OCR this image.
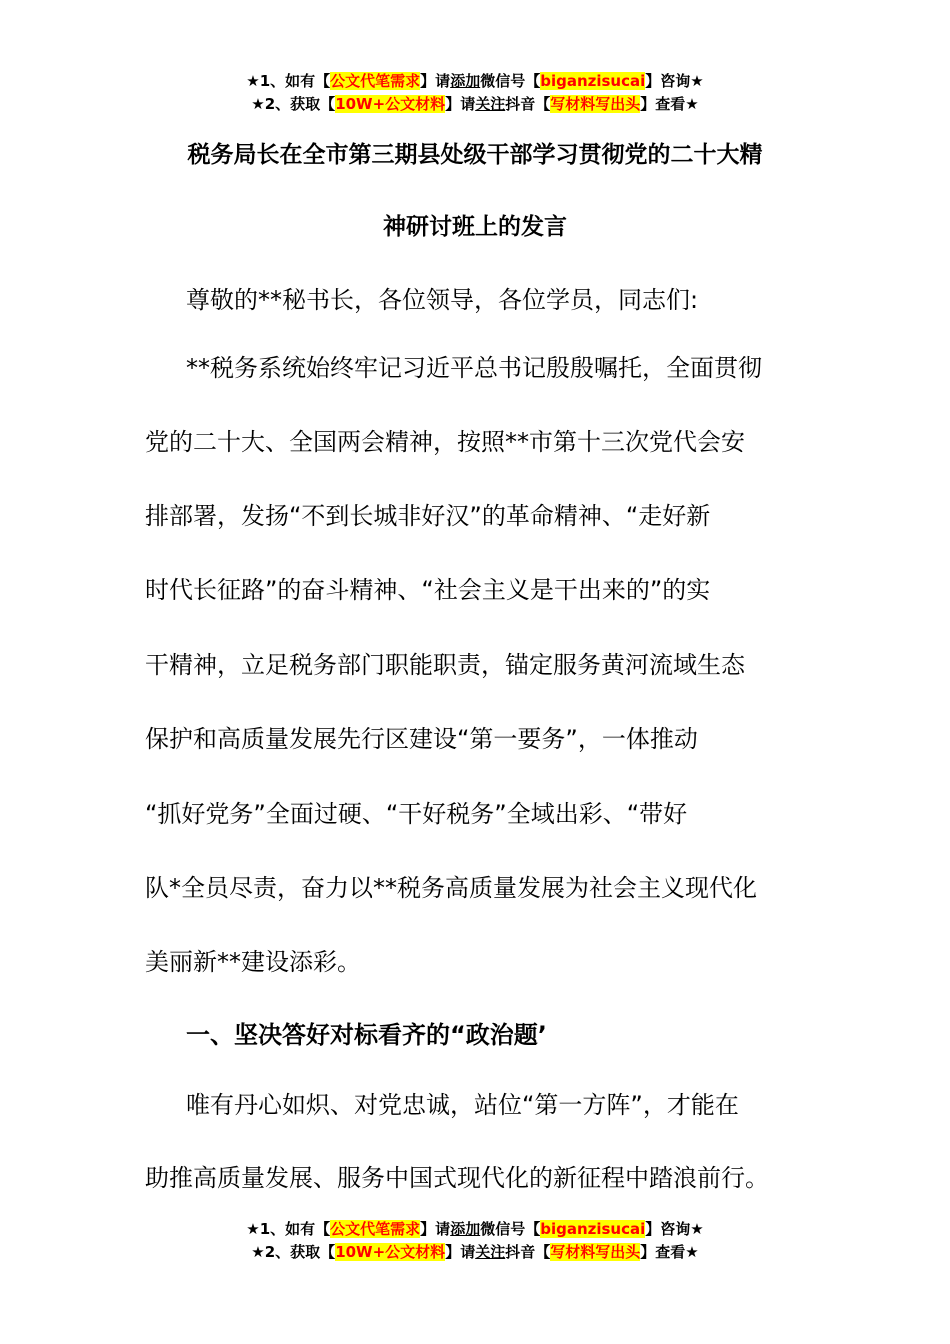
★1、如有【公文代笔需求】请添加微信号【biganzisucai】咨询★
★2、获取【10W+公文材料】请关注抖音【写材料写出头】查看★
税务局长在全市第三期县处级干部学习贯彻党的二十大精
神研讨班上的发言
尊敬的**秘书长，各位领导，各位学员，同志们:
**税务系统始终牢记习近平总书记殷殷嘱托，全面贯彻
党的二十大、全国两会精神，按照**市第十三次党代会安
排部署，发扬“不到长城非好汉”的革命精神、“走好新
时代长征路”的奋斗精神、“社会主义是干出来的”的实
干精神，立足税务部门职能职责，锚定服务黄河流域生态
保护和高质量发展先行区建设“第一要务”，一体推动
“抓好党务”全面过硬、“干好税务”全域出彩、“带好
队*全员尽责，奋力以**税务高质量发展为社会主义现代化
美丽新**建设添彩。
一、坚决答好对标看齐的“政治题’
唯有丹心如炽、对党忠诚，站位“第一方阵”，才能在
助推高质量发展、服务中国式现代化的新征程中踏浪前行。
★1、如有【公文代笔需求】请添加微信号【biganzisucai】咨询★
★2、获取【10W+公文材料】请关注抖音【写材料写出头】查看★
